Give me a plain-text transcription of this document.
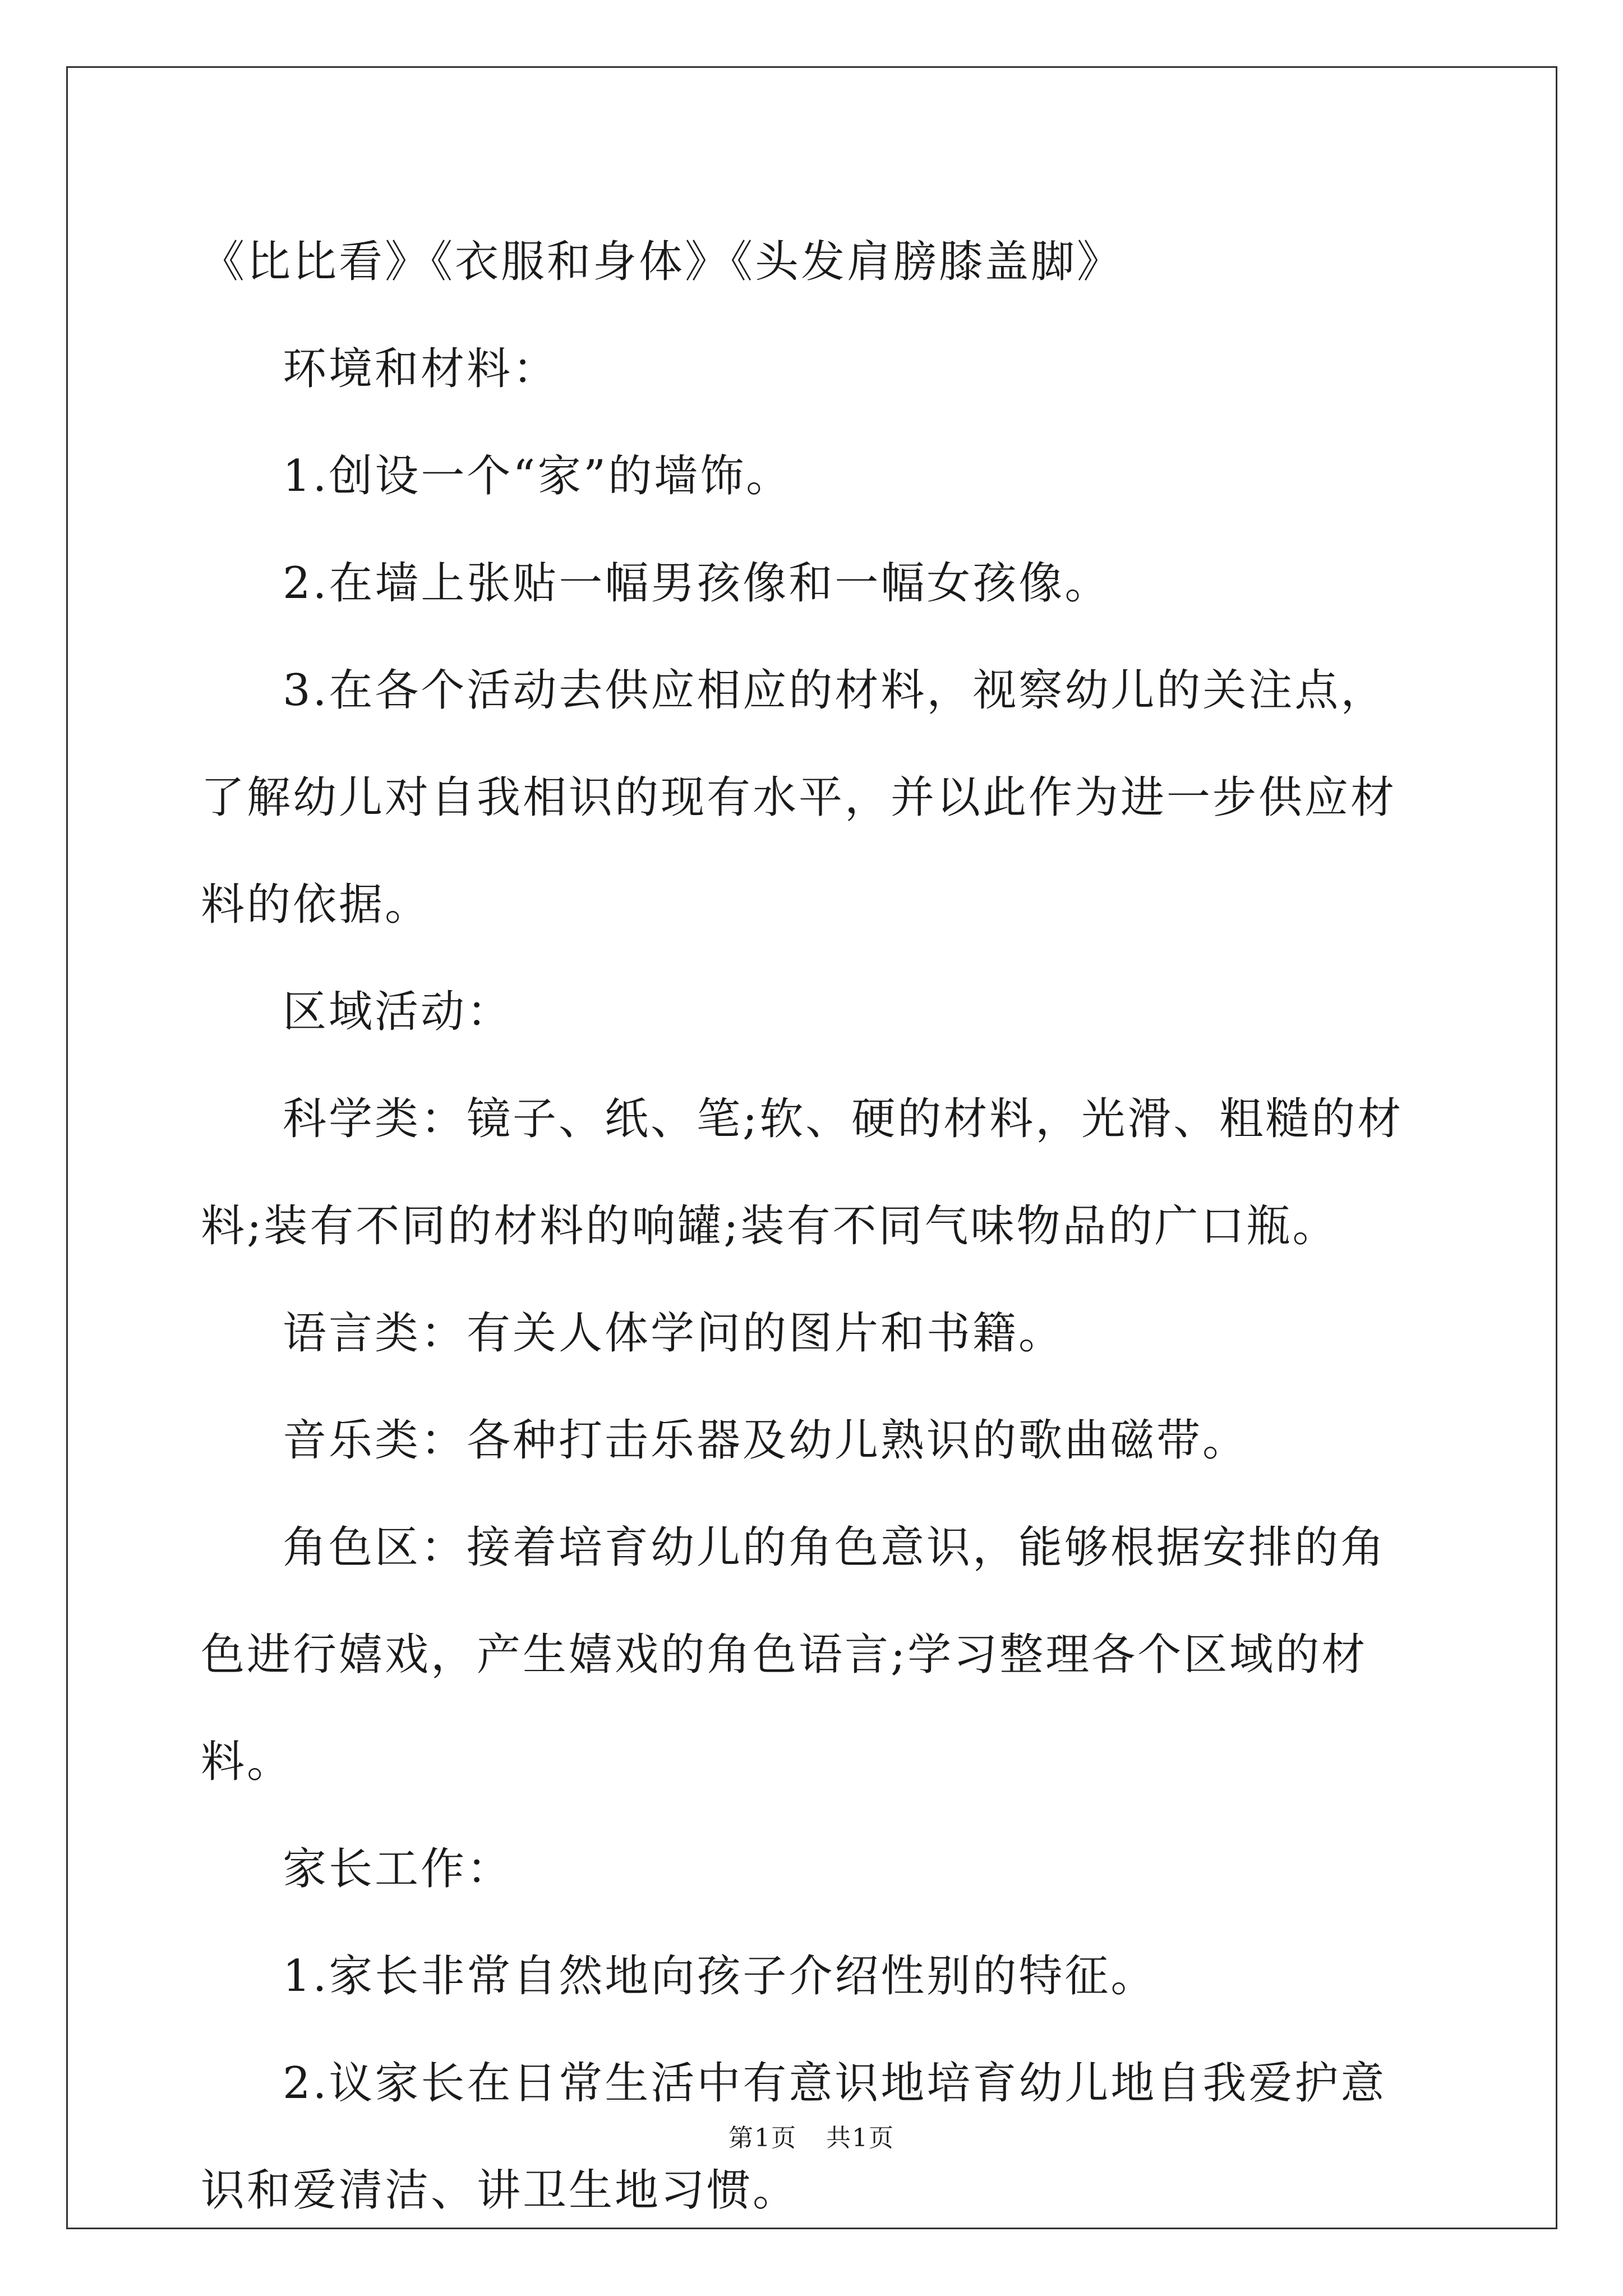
《比比看》《衣服和身体》《头发肩膀膝盖脚》

环境和材料：

1.创设一个“家”的墙饰。

2.在墙上张贴一幅男孩像和一幅女孩像。

3.在各个活动去供应相应的材料，视察幼儿的关注点，了解幼儿对自我相识的现有水平，并以此作为进一步供应材料的依据。

区域活动：

科学类：镜子、纸、笔;软、硬的材料，光滑、粗糙的材料;装有不同的材料的响罐;装有不同气味物品的广口瓶。

语言类：有关人体学问的图片和书籍。

音乐类：各种打击乐器及幼儿熟识的歌曲磁带。

角色区：接着培育幼儿的角色意识，能够根据安排的角色进行嬉戏，产生嬉戏的角色语言;学习整理各个区域的材料。

家长工作：

1.家长非常自然地向孩子介绍性别的特征。

2.议家长在日常生活中有意识地培育幼儿地自我爱护意识和爱清洁、讲卫生地习惯。

第1页 共1页
